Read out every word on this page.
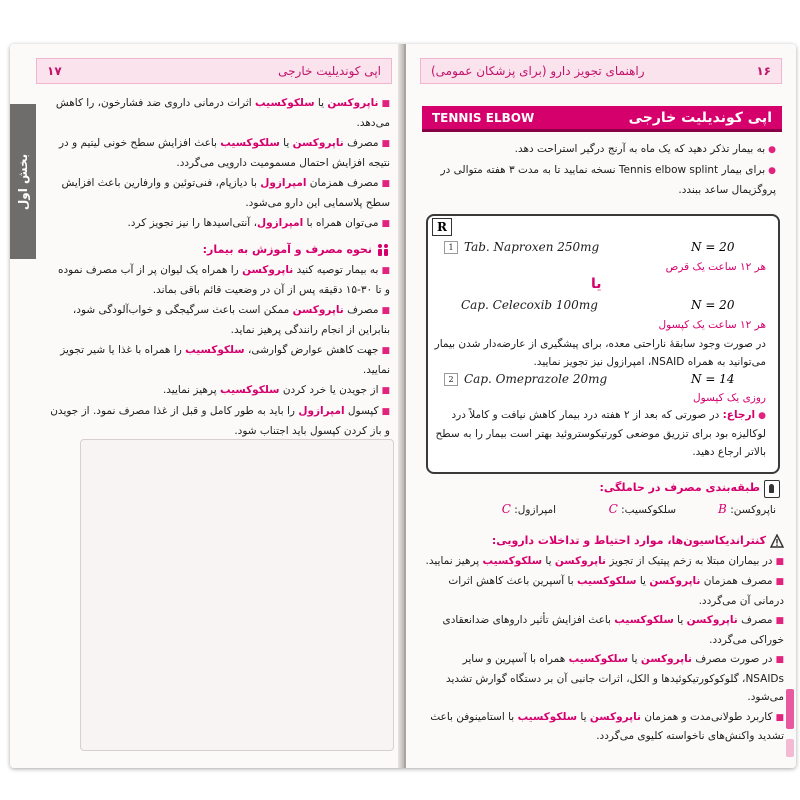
اپی کوندیلیت خارجی
۱۷
بخش اول

■ناپروکسن یا سلکوکسیب اثرات درمانی داروی ضد فشارخون، را کاهش می‌دهد.

■مصرف ناپروکسن یا سلکوکسیب باعث افزایش سطح خونی لیتیم و در نتیجه افزایش احتمال مسمومیت دارویی می‌گردد.

■مصرف همزمان امپرازول با دیازپام، فنی‌توئین و وارفارین باعث افزایش سطح پلاسمایی این دارو می‌شود.

■می‌توان همراه با امپرازول، آنتی‌اسیدها را نیز تجویز کرد.

نحوه مصرف و آموزش به بیمار:

■به بیمار توصیه کنید ناپروکسن را همراه یک لیوان پر از آب مصرف نموده و تا ۳۰-۱۵ دقیقه پس از آن در وضعیت قائم باقی بماند.

■مصرف ناپروکسن ممکن است باعث سرگیجگی و خواب‌آلودگی شود، بنابراین از انجام رانندگی پرهیز نماید.

■جهت کاهش عوارض گوارشی، سلکوکسیب را همراه با غذا یا شیر تجویز نمایید.

■از جویدن یا خرد کردن سلکوکسیب پرهیز نمایید.

■کپسول امپرازول را باید به طور کامل و قبل از غذا مصرف نمود. از جویدن و باز کردن کپسول باید اجتناب شود.

۱۶
راهنمای تجویز دارو (برای پزشکان عمومی)
اپی کوندیلیت خارجی
TENNIS ELBOW

●به بیمار تذکر دهید که یک ماه به آرنج درگیر استراحت دهد.

●برای بیمار Tennis elbow splint نسخه نمایید تا به مدت ۳ هفته متوالی در پروگزیمال ساعد ببندد.

R
1 Tab. Naproxen 250mg	N = 20
هر ۱۲ ساعت یک قرص
یا
Cap. Celecoxib 100mg	N = 20
هر ۱۲ ساعت یک کپسول
در صورت وجود سابقهٔ ناراحتی معده، برای پیشگیری از عارضه‌دار شدن بیمار می‌توانید به همراه NSAID، امپرازول نیز تجویز نمایید.
2 Cap. Omeprazole 20mg	N = 14
روزی یک کپسول
●ارجاع: در صورتی که بعد از ۲ هفته درد بیمار کاهش نیافت و کاملاً درد لوکالیزه بود برای تزریق موضعی کورتیکوستروئید بهتر است بیمار را به سطح بالاتر ارجاع دهید.

طبقه‌بندی مصرف در حاملگی:

ناپروکسن: B
سلکوکسیب: C
امپرازول: C

کنتراندیکاسیون‌ها، موارد احتیاط و تداخلات دارویی:

■در بیماران مبتلا به زخم پپتیک از تجویز ناپروکسن یا سلکوکسیب پرهیز نمایید.

■مصرف همزمان ناپروکسن یا سلکوکسیب با آسپرین باعث کاهش اثرات درمانی آن می‌گردد.

■مصرف ناپروکسن یا سلکوکسیب باعث افزایش تأثیر داروهای ضدانعقادی خوراکی می‌گردد.

■در صورت مصرف ناپروکسن یا سلکوکسیب همراه با آسپرین و سایر NSAIDs، گلوکوکورتیکوئیدها و الکل، اثرات جانبی آن بر دستگاه گوارش تشدید می‌شود.

■کاربرد طولانی‌مدت و همزمان ناپروکسن یا سلکوکسیب با استامینوفن باعث تشدید واکنش‌های ناخواسته کلیوی می‌گردد.
